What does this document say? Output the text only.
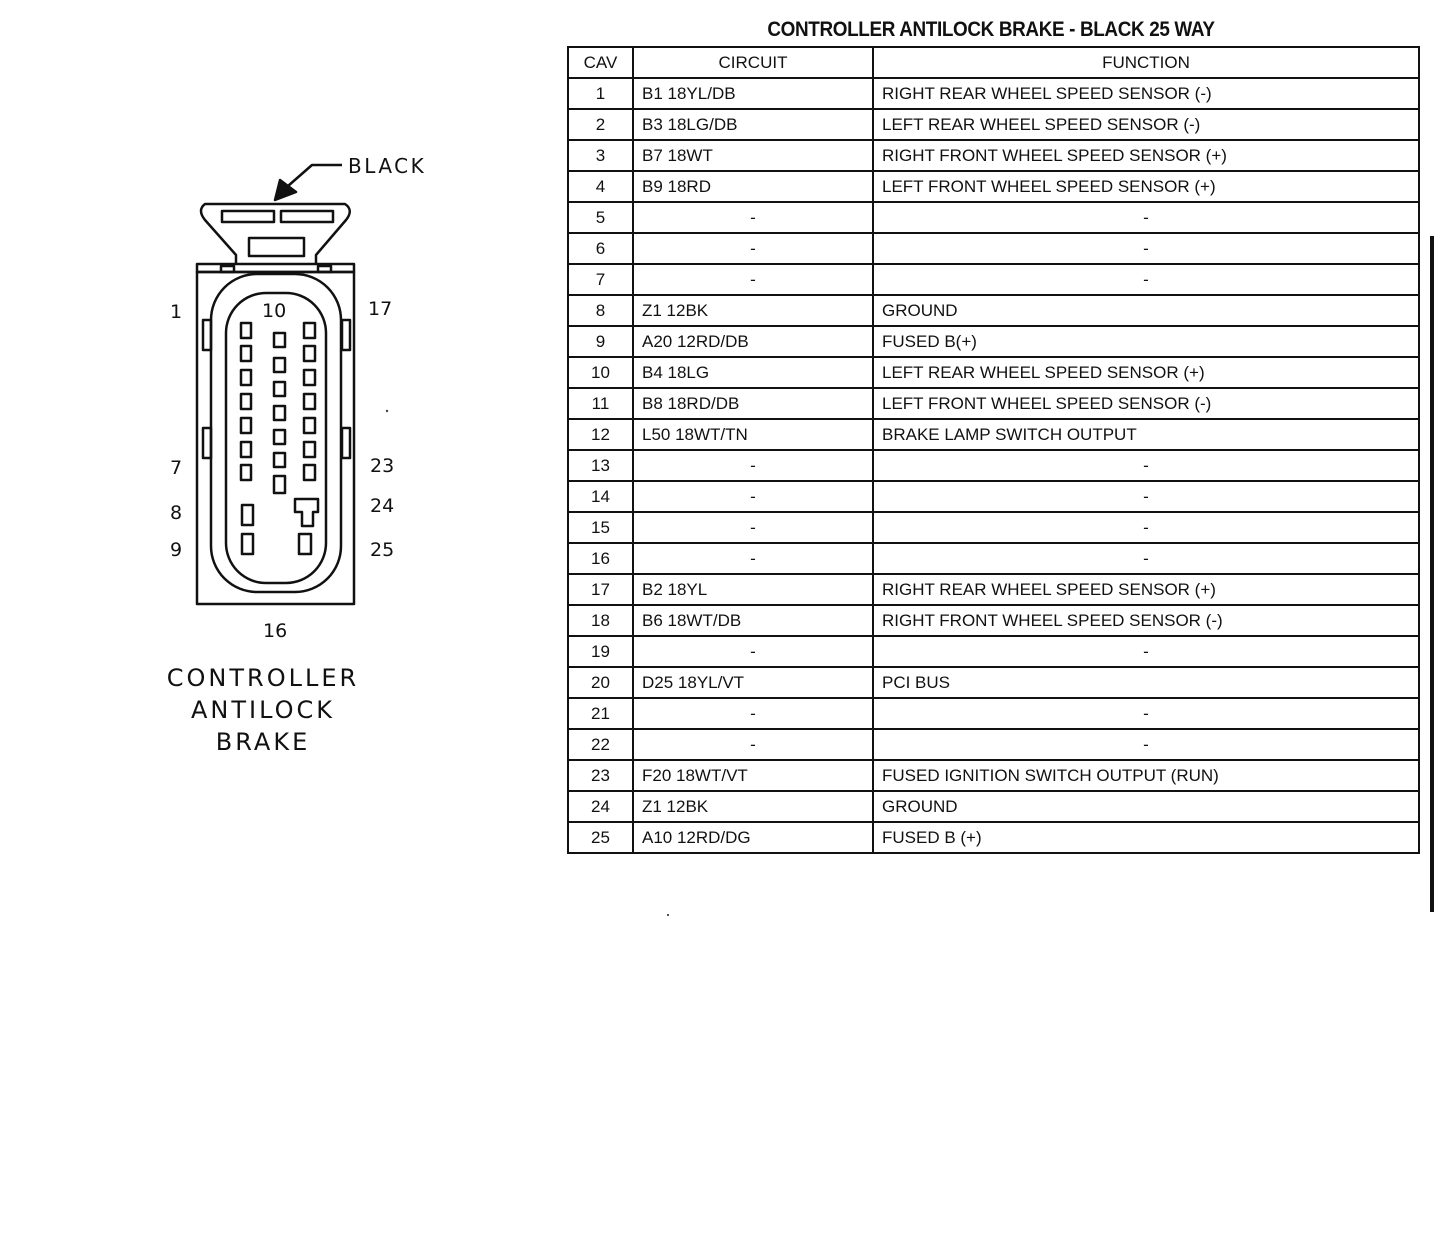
BLACK
1	10	17
7	23
8	24
9	25
16
CONTROLLER
ANTILOCK
BRAKE
CONTROLLER ANTILOCK BRAKE - BLACK 25 WAY
CAV	CIRCUIT	FUNCTION
1	B1 18YL/DB	RIGHT REAR WHEEL SPEED SENSOR (-)
2	B3 18LG/DB	LEFT REAR WHEEL SPEED SENSOR (-)
3	B7 18WT	RIGHT FRONT WHEEL SPEED SENSOR (+)
4	B9 18RD	LEFT FRONT WHEEL SPEED SENSOR (+)
5	-	-
6	-	-
7	-	-
8	Z1 12BK	GROUND
9	A20 12RD/DB	FUSED B(+)
10	B4 18LG	LEFT REAR WHEEL SPEED SENSOR (+)
11	B8 18RD/DB	LEFT FRONT WHEEL SPEED SENSOR (-)
12	L50 18WT/TN	BRAKE LAMP SWITCH OUTPUT
13	-	-
14	-	-
15	-	-
16	-	-
17	B2 18YL	RIGHT REAR WHEEL SPEED SENSOR (+)
18	B6 18WT/DB	RIGHT FRONT WHEEL SPEED SENSOR (-)
19	-	-
20	D25 18YL/VT	PCI BUS
21	-	-
22	-	-
23	F20 18WT/VT	FUSED IGNITION SWITCH OUTPUT (RUN)
24	Z1 12BK	GROUND
25	A10 12RD/DG	FUSED B (+)
